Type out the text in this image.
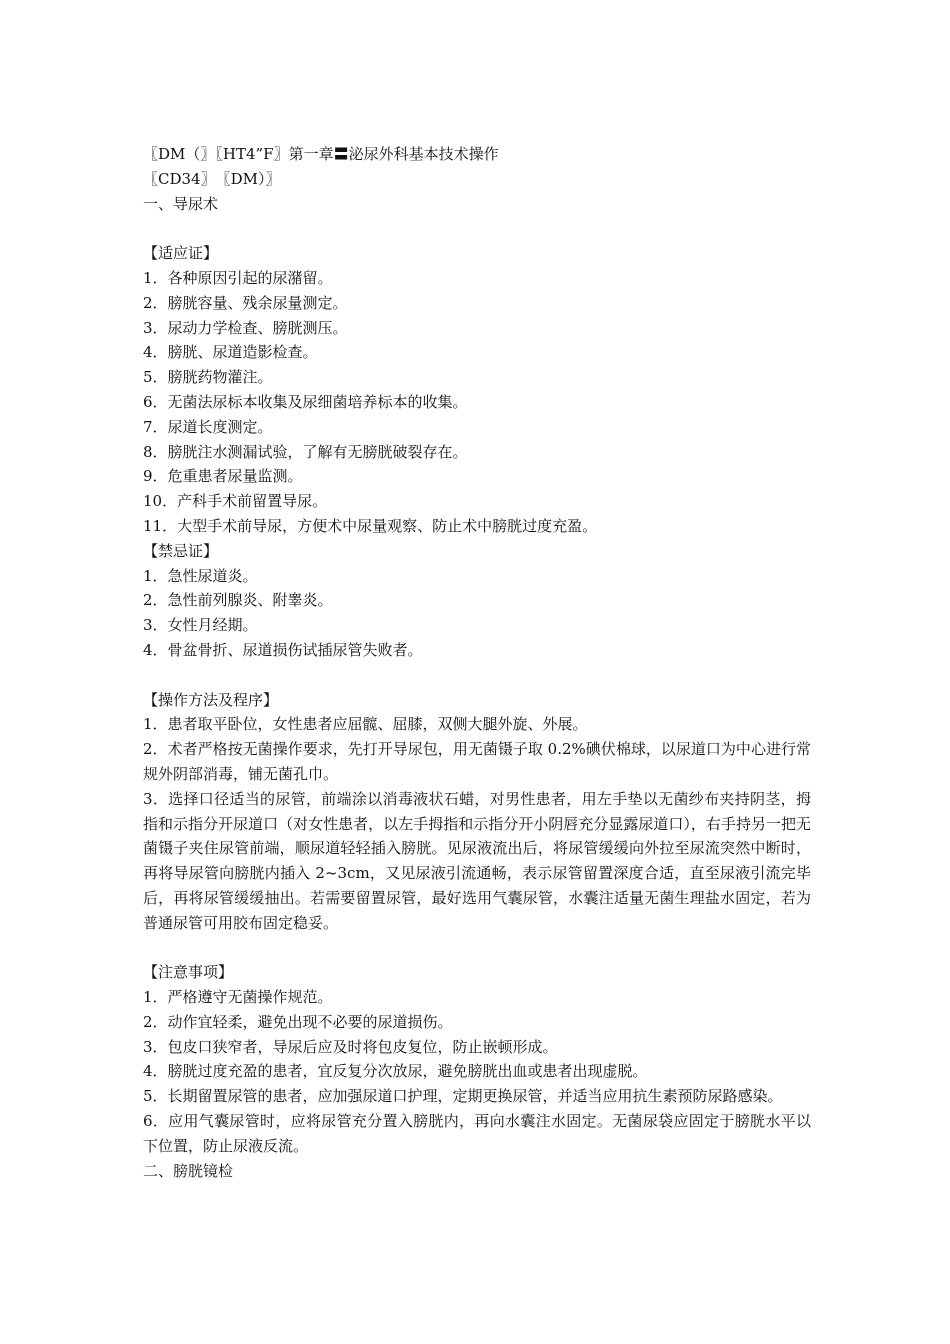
〖DM（〗〖HT4”F〗第一章〓泌尿外科基本技术操作
〖CD34〗　〖DM）〗
一、导尿术
【适应证】
1．各种原因引起的尿潴留。
2．膀胱容量、残余尿量测定。
3．尿动力学检查、膀胱测压。
4．膀胱、尿道造影检查。
5．膀胱药物灌注。
6．无菌法尿标本收集及尿细菌培养标本的收集。
7．尿道长度测定。
8．膀胱注水测漏试验，了解有无膀胱破裂存在。
9．危重患者尿量监测。
10．产科手术前留置导尿。
11．大型手术前导尿，方便术中尿量观察、防止术中膀胱过度充盈。
【禁忌证】
1．急性尿道炎。
2．急性前列腺炎、附睾炎。
3．女性月经期。
4．骨盆骨折、尿道损伤试插尿管失败者。
【操作方法及程序】
1．患者取平卧位，女性患者应屈髋、屈膝，双侧大腿外旋、外展。
2．术者严格按无菌操作要求，先打开导尿包，用无菌镊子取 0.2%碘伏棉球，以尿道口为中心进行常规外阴部消毒，铺无菌孔巾。
3．选择口径适当的尿管，前端涂以消毒液状石蜡，对男性患者，用左手垫以无菌纱布夹持阴茎，拇指和示指分开尿道口（对女性患者，以左手拇指和示指分开小阴唇充分显露尿道口），右手持另一把无菌镊子夹住尿管前端，顺尿道轻轻插入膀胱。见尿液流出后，将尿管缓缓向外拉至尿流突然中断时，再将导尿管向膀胱内插入 2~3cm，又见尿液引流通畅，表示尿管留置深度合适，直至尿液引流完毕后，再将尿管缓缓抽出。若需要留置尿管，最好选用气囊尿管，水囊注适量无菌生理盐水固定，若为普通尿管可用胶布固定稳妥。
【注意事项】
1．严格遵守无菌操作规范。
2．动作宜轻柔，避免出现不必要的尿道损伤。
3．包皮口狭窄者，导尿后应及时将包皮复位，防止嵌顿形成。
4．膀胱过度充盈的患者，宜反复分次放尿，避免膀胱出血或患者出现虚脱。
5．长期留置尿管的患者，应加强尿道口护理，定期更换尿管，并适当应用抗生素预防尿路感染。
6．应用气囊尿管时，应将尿管充分置入膀胱内，再向水囊注水固定。无菌尿袋应固定于膀胱水平以下位置，防止尿液反流。
二、膀胱镜检
